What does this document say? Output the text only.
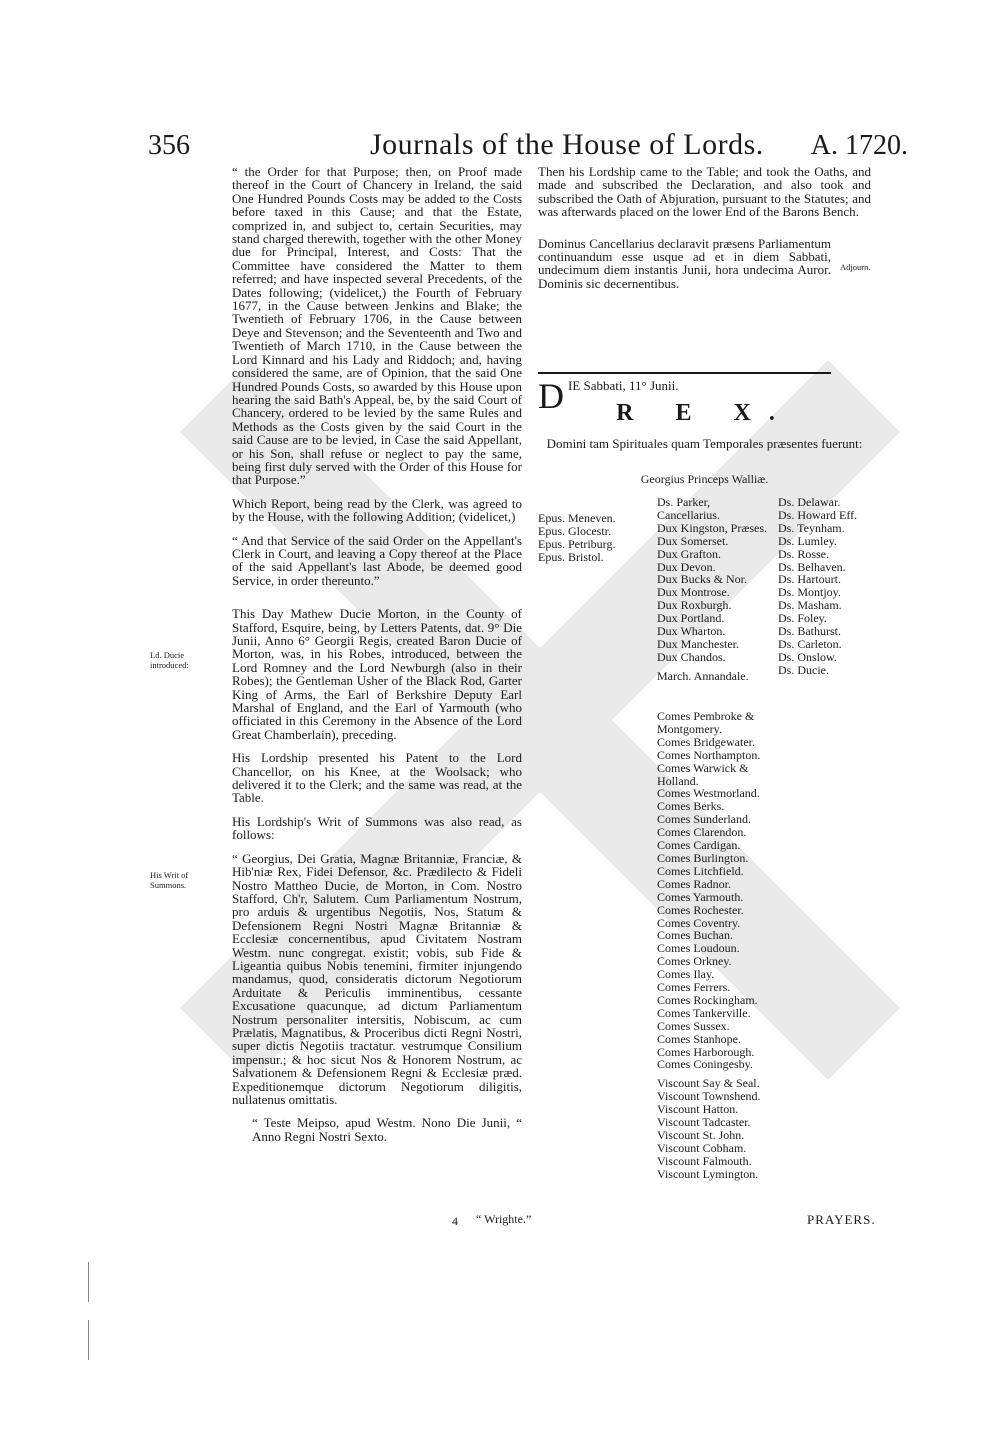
356	Journals of the House of Lords. A. 1720.

“ the Order for that Purpose; then, on Proof made thereof in the Court of Chancery in Ireland, the said One Hundred Pounds Costs may be added to the Costs before taxed in this Cause; and that the Estate, comprized in, and subject to, certain Securities, may stand charged therewith, together with the other Money due for Principal, Interest, and Costs: That the Committee have considered the Matter to them referred; and have inspected several Precedents, of the Dates following; (videlicet,) the Fourth of February 1677, in the Cause between Jenkins and Blake; the Twentieth of February 1706, in the Cause between Deye and Stevenson; and the Seventeenth and Two and Twentieth of March 1710, in the Cause between the Lord Kinnard and his Lady and Riddoch; and, having considered the same, are of Opinion, that the said One Hundred Pounds Costs, so awarded by this House upon hearing the said Bath's Appeal, be, by the said Court of Chancery, ordered to be levied by the same Rules and Methods as the Costs given by the said Court in the said Cause are to be levied, in Case the said Appellant, or his Son, shall refuse or neglect to pay the same, being first duly served with the Order of this House for that Purpose.”

Which Report, being read by the Clerk, was agreed to by the House, with the following Addition; (videlicet,)

“ And that Service of the said Order on the Appellant's Clerk in Court, and leaving a Copy thereof at the Place of the said Appellant's last Abode, be deemed good Service, in order thereunto.”

This Day Mathew Ducie Morton, in the County of Stafford, Esquire, being, by Letters Patents, dat. 9° Die Junii, Anno 6° Georgii Regis, created Baron Ducie of Morton, was, in his Robes, introduced, between the Lord Romney and the Lord Newburgh (also in their Robes); the Gentleman Usher of the Black Rod, Garter King of Arms, the Earl of Berkshire Deputy Earl Marshal of England, and the Earl of Yarmouth (who officiated in this Ceremony in the Absence of the Lord Great Chamberlain), preceding.

His Lordship presented his Patent to the Lord Chancellor, on his Knee, at the Woolsack; who delivered it to the Clerk; and the same was read, at the Table.

His Lordship's Writ of Summons was also read, as follows:

“ Georgius, Dei Gratia, Magnæ Britanniæ, Franciæ, & Hib'niæ Rex, Fidei Defensor, &c. Prædilecto & Fideli Nostro Mattheo Ducie, de Morton, in Com. Nostro Stafford, Ch'r, Salutem. Cum Parliamentum Nostrum, pro arduis & urgentibus Negotiis, Nos, Statum & Defensionem Regni Nostri Magnæ Britanniæ & Ecclesiæ concernentibus, apud Civitatem Nostram Westm. nunc congregat. existit; vobis, sub Fide & Ligeantia quibus Nobis tenemini, firmiter injungendo mandamus, quod, consideratis dictorum Negotiorum Arduitate & Periculis imminentibus, cessante Excusatione quacunque, ad dictum Parliamentum Nostrum personaliter intersitis, Nobiscum, ac cum Prælatis, Magnatibus, & Proceribus dicti Regni Nostri, super dictis Negotiis tractatur. vestrumque Consilium impensur.; & hoc sicut Nos & Honorem Nostrum, ac Salvationem & Defensionem Regni & Ecclesiæ præd. Expeditionemque dictorum Negotiorum diligitis, nullatenus omittatis.

“ Teste Meipso, apud Westm. Nono Die Junii, “ Anno Regni Nostri Sexto.

Ld. Ducie introduced:
His Writ of Summons.

Then his Lordship came to the Table; and took the Oaths, and made and subscribed the Declaration, and also took and subscribed the Oath of Abjuration, pursuant to the Statutes; and was afterwards placed on the lower End of the Barons Bench.

Dominus Cancellarius declaravit præsens Parliamentum continuandum esse usque ad et in diem Sabbati, undecimum diem instantis Junii, hora undecima Auror. Dominis sic decernentibus.

Adjourn.
DIE Sabbati, 11° Junii.
R E X.
Domini tam Spirituales quam Temporales præsentes fuerunt:
Georgius Princeps Walliæ.
Epus. Meneven.
Epus. Glocestr.
Epus. Petriburg.
Epus. Bristol.
Ds. Parker, Cancellarius.
Dux Kingston, Præses.
Dux Somerset.
Dux Grafton.
Dux Devon.
Dux Bucks & Nor.
Dux Montrose.
Dux Roxburgh.
Dux Portland.
Dux Wharton.
Dux Manchester.
Dux Chandos.
March. Annandale.
Ds. Delawar.
Ds. Howard Eff.
Ds. Teynham.
Ds. Lumley.
Ds. Rosse.
Ds. Belhaven.
Ds. Hartourt.
Ds. Montjoy.
Ds. Masham.
Ds. Foley.
Ds. Bathurst.
Ds. Carleton.
Ds. Onslow.
Ds. Ducie.
Comes Pembroke & Montgomery.
Comes Bridgewater.
Comes Northampton.
Comes Warwick & Holland.
Comes Westmorland.
Comes Berks.
Comes Sunderland.
Comes Clarendon.
Comes Cardigan.
Comes Burlington.
Comes Litchfield.
Comes Radnor.
Comes Yarmouth.
Comes Rochester.
Comes Coventry.
Comes Buchan.
Comes Loudoun.
Comes Orkney.
Comes Ilay.
Comes Ferrers.
Comes Rockingham.
Comes Tankerville.
Comes Sussex.
Comes Stanhope.
Comes Harborough.
Comes Coningesby.
Viscount Say & Seal.
Viscount Townshend.
Viscount Hatton.
Viscount Tadcaster.
Viscount St. John.
Viscount Cobham.
Viscount Falmouth.
Viscount Lymington.
“ Wrighte.”	PRAYERS.
4
